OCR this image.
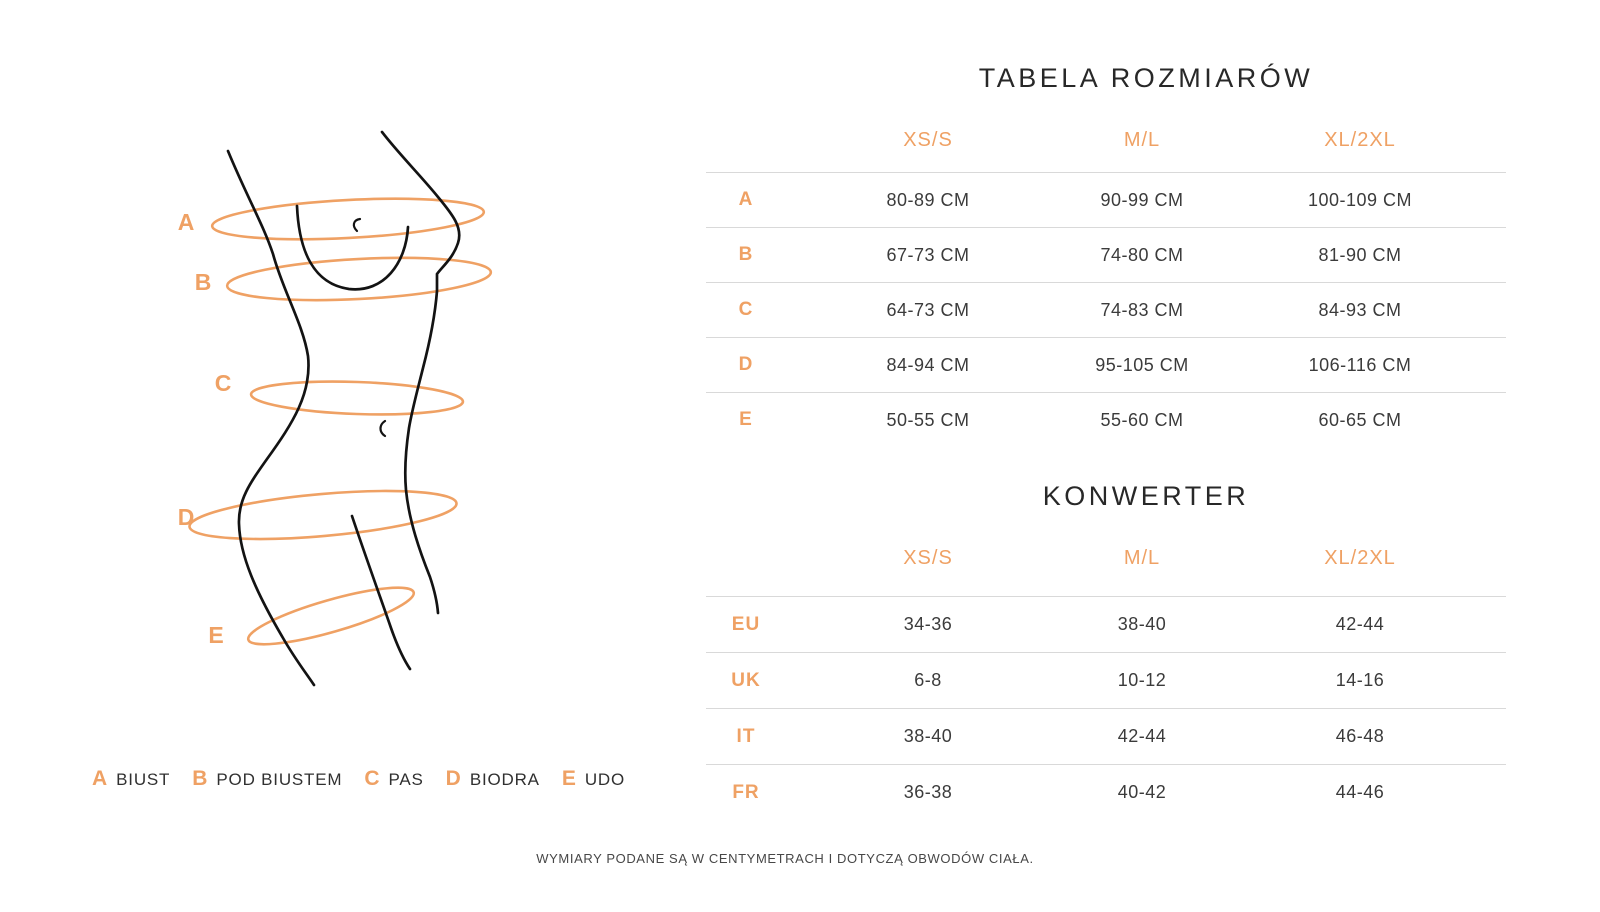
A
B
C
D
E
TABELA ROZMIARÓW
XS/S	M/L	XL/2XL
A	80-89 CM	90-99 CM	100-109 CM
B	67-73 CM	74-80 CM	81-90 CM
C	64-73 CM	74-83 CM	84-93 CM
D	84-94 CM	95-105 CM	106-116 CM
E	50-55 CM	55-60 CM	60-65 CM
KONWERTER
XS/S	M/L	XL/2XL
EU	34-36	38-40	42-44
UK	6-8	10-12	14-16
IT	38-40	42-44	46-48
FR	36-38	40-42	44-46
A BIUST B POD BIUSTEM C PAS D BIODRA E UDO
WYMIARY PODANE SĄ W CENTYMETRACH I DOTYCZĄ OBWODÓW CIAŁA.
